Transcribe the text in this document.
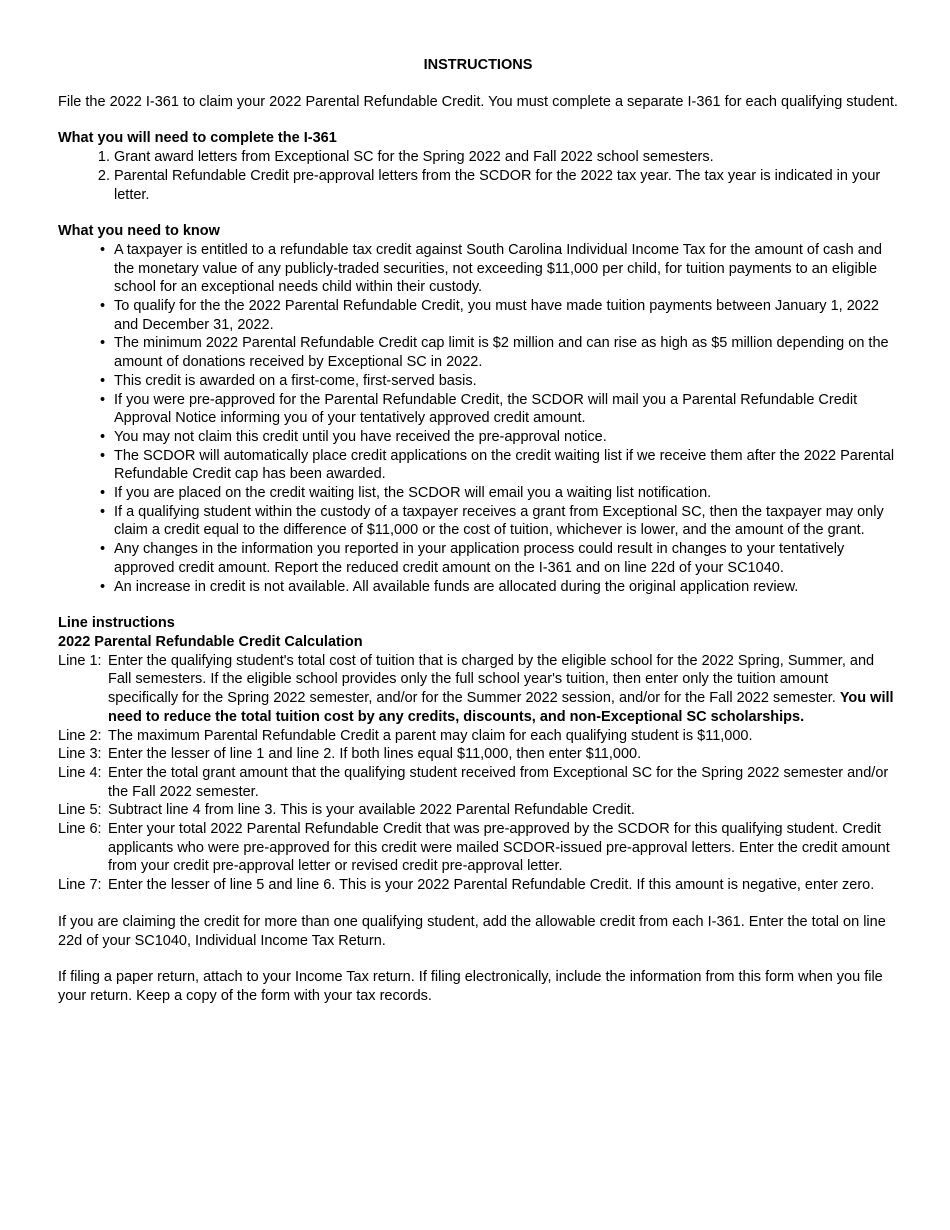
INSTRUCTIONS

File the 2022 I-361 to claim your 2022 Parental Refundable Credit. You must complete a separate I-361 for each qualifying student.

What you will need to complete the I-361
1. Grant award letters from Exceptional SC for the Spring 2022 and Fall 2022 school semesters.
2. Parental Refundable Credit pre-approval letters from the SCDOR for the 2022 tax year. The tax year is indicated in your letter.
What you need to know
• A taxpayer is entitled to a refundable tax credit against South Carolina Individual Income Tax for the amount of cash and the monetary value of any publicly-traded securities, not exceeding $11,000 per child, for tuition payments to an eligible school for an exceptional needs child within their custody.
• To qualify for the the 2022 Parental Refundable Credit, you must have made tuition payments between January 1, 2022 and December 31, 2022.
• The minimum 2022 Parental Refundable Credit cap limit is $2 million and can rise as high as $5 million depending on the amount of donations received by Exceptional SC in 2022.
• This credit is awarded on a first-come, first-served basis.
• If you were pre-approved for the Parental Refundable Credit, the SCDOR will mail you a Parental Refundable Credit Approval Notice informing you of your tentatively approved credit amount.
• You may not claim this credit until you have received the pre-approval notice.
• The SCDOR will automatically place credit applications on the credit waiting list if we receive them after the 2022 Parental Refundable Credit cap has been awarded.
• If you are placed on the credit waiting list, the SCDOR will email you a waiting list notification.
• If a qualifying student within the custody of a taxpayer receives a grant from Exceptional SC, then the taxpayer may only claim a credit equal to the difference of $11,000 or the cost of tuition, whichever is lower, and the amount of the grant.
• Any changes in the information you reported in your application process could result in changes to your tentatively approved credit amount. Report the reduced credit amount on the I-361 and on line 22d of your SC1040.
• An increase in credit is not available. All available funds are allocated during the original application review.
Line instructions
2022 Parental Refundable Credit Calculation
Line 1: Enter the qualifying student's total cost of tuition that is charged by the eligible school for the 2022 Spring, Summer, and Fall semesters. If the eligible school provides only the full school year's tuition, then enter only the tuition amount specifically for the Spring 2022 semester, and/or for the Summer 2022 session, and/or for the Fall 2022 semester. You will need to reduce the total tuition cost by any credits, discounts, and non-Exceptional SC scholarships.
Line 2: The maximum Parental Refundable Credit a parent may claim for each qualifying student is $11,000.
Line 3: Enter the lesser of line 1 and line 2. If both lines equal $11,000, then enter $11,000.
Line 4: Enter the total grant amount that the qualifying student received from Exceptional SC for the Spring 2022 semester and/or the Fall 2022 semester.
Line 5: Subtract line 4 from line 3. This is your available 2022 Parental Refundable Credit.
Line 6: Enter your total 2022 Parental Refundable Credit that was pre-approved by the SCDOR for this qualifying student. Credit applicants who were pre-approved for this credit were mailed SCDOR-issued pre-approval letters. Enter the credit amount from your credit pre-approval letter or revised credit pre-approval letter.
Line 7: Enter the lesser of line 5 and line 6. This is your 2022 Parental Refundable Credit. If this amount is negative, enter zero.

If you are claiming the credit for more than one qualifying student, add the allowable credit from each I-361. Enter the total on line 22d of your SC1040, Individual Income Tax Return.

If filing a paper return, attach to your Income Tax return. If filing electronically, include the information from this form when you file your return. Keep a copy of the form with your tax records.
